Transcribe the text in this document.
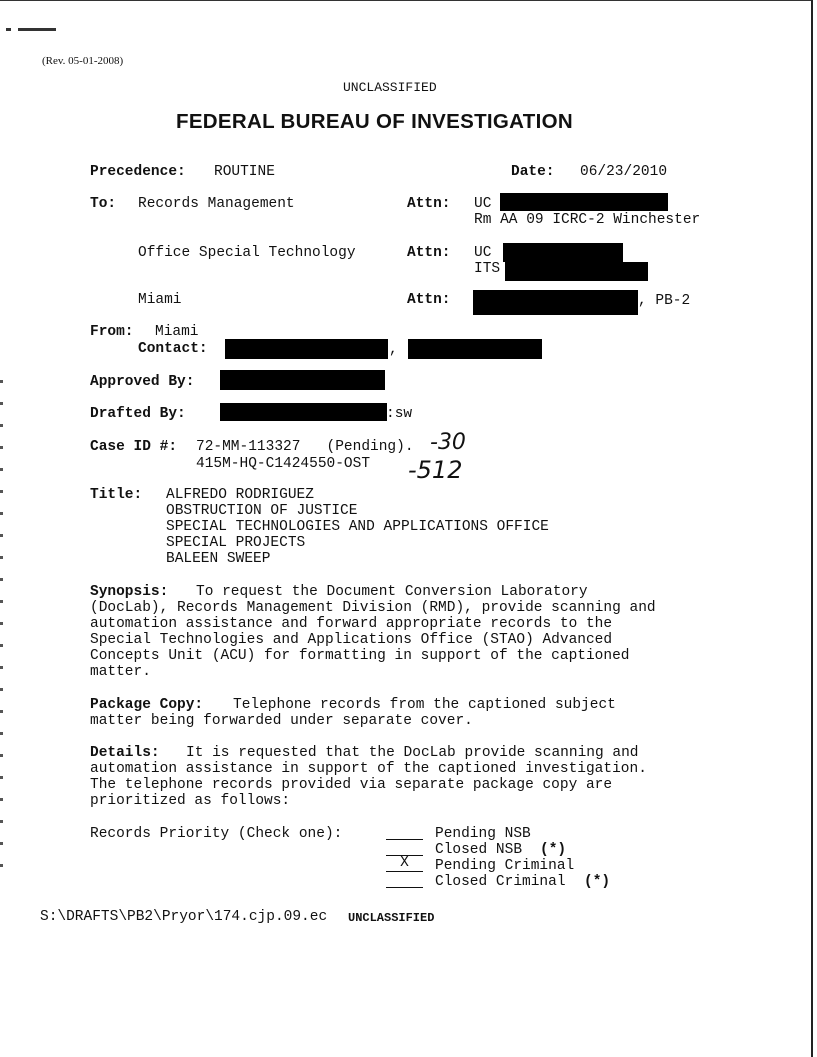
(Rev. 05-01-2008)
UNCLASSIFIED
FEDERAL BUREAU OF INVESTIGATION
Precedence: ROUTINE	Date: 06/23/2010
To: Records Management	Attn: UC
Rm AA 09 ICRC-2 Winchester
Office Special Technology	Attn: UC
ITS
Miami	Attn:	, PB-2
From: Miami
Contact:	,
Approved By:
Drafted By:	:sw
Case ID #: 72-MM-113327   (Pending). -30
415M-HQ-C1424550-OST -512
Title: ALFREDO RODRIGUEZ
OBSTRUCTION OF JUSTICE
SPECIAL TECHNOLOGIES AND APPLICATIONS OFFICE
SPECIAL PROJECTS
BALEEN SWEEP
Synopsis: To request the Document Conversion Laboratory
(DocLab), Records Management Division (RMD), provide scanning and
automation assistance and forward appropriate records to the
Special Technologies and Applications Office (STAO) Advanced
Concepts Unit (ACU) for formatting in support of the captioned
matter.
Package Copy: Telephone records from the captioned subject
matter being forwarded under separate cover.
Details: It is requested that the DocLab provide scanning and
automation assistance in support of the captioned investigation.
The telephone records provided via separate package copy are
prioritized as follows:
Records Priority (Check one):	Pending NSB
Closed NSB (*)
X	Pending Criminal
Closed Criminal (*)
S:\DRAFTS\PB2\Pryor\174.cjp.09.ec UNCLASSIFIED
